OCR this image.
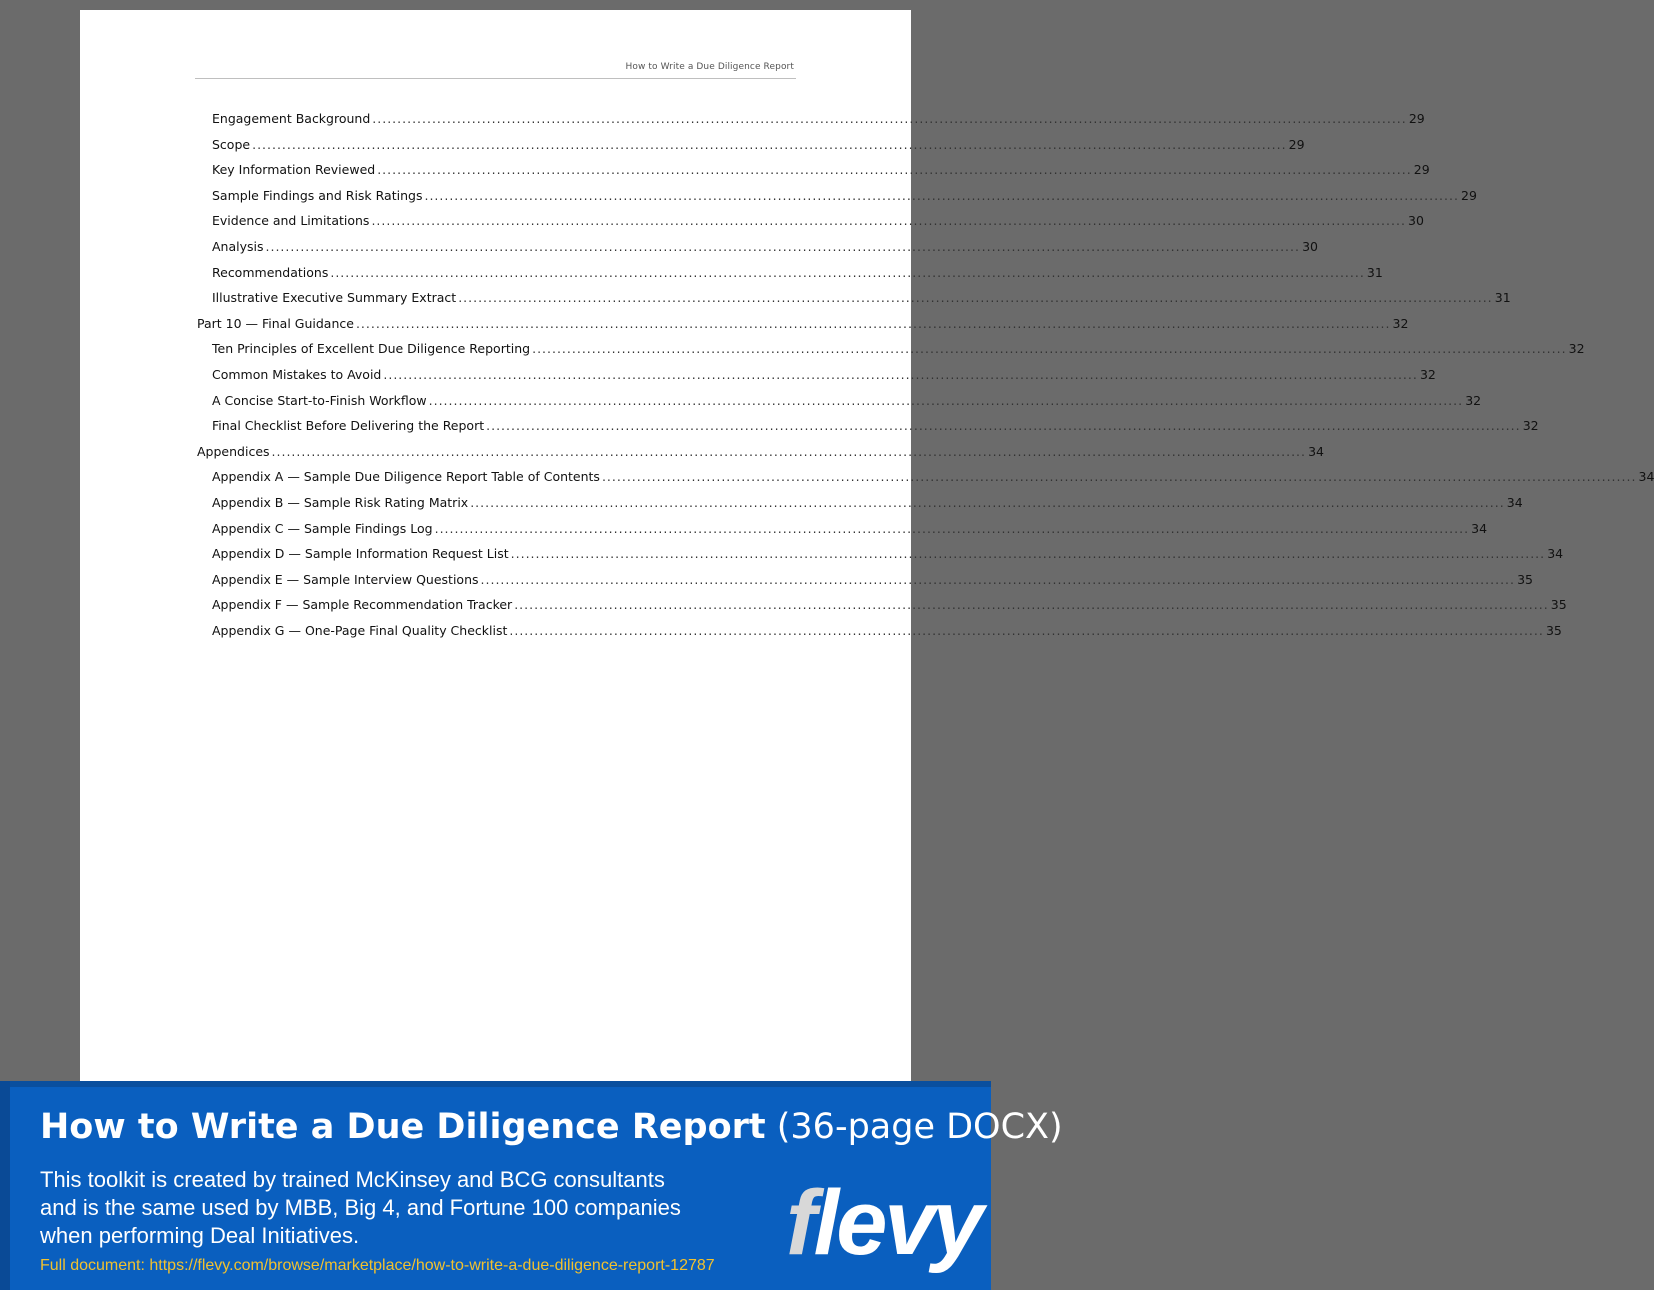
How to Write a Due Diligence Report
Engagement Background .....	29
Scope .....	29
Key Information Reviewed .....	29
Sample Findings and Risk Ratings .....	29
Evidence and Limitations .....	30
Analysis .....	30
Recommendations .....	31
Illustrative Executive Summary Extract .....	31
Part 10 — Final Guidance .....	32
Ten Principles of Excellent Due Diligence Reporting .....	32
Common Mistakes to Avoid .....	32
A Concise Start-to-Finish Workflow .....	32
Final Checklist Before Delivering the Report .....	32
Appendices .....	34
Appendix A — Sample Due Diligence Report Table of Contents .....	34
Appendix B — Sample Risk Rating Matrix .....	34
Appendix C — Sample Findings Log .....	34
Appendix D — Sample Information Request List .....	34
Appendix E — Sample Interview Questions .....	35
Appendix F — Sample Recommendation Tracker .....	35
Appendix G — One-Page Final Quality Checklist .....	35
How to Write a Due Diligence Report (36-page DOCX)
This toolkit is created by trained McKinsey and BCG consultants and is the same used by MBB, Big 4, and Fortune 100 companies when performing Deal Initiatives.
Full document: https://flevy.com/browse/marketplace/how-to-write-a-due-diligence-report-12787 flevy
